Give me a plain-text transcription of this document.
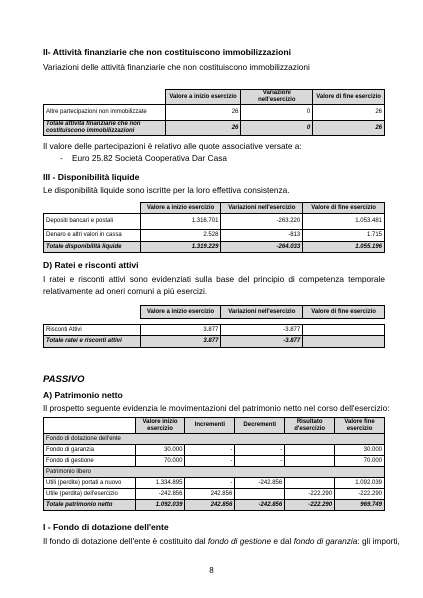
II- Attività finanziarie che non costituiscono immobilizzazioni
Variazioni delle attività finanziarie che non costituiscono immobilizzazioni
	Valore a inizio esercizio	Variazioni nell'esercizio	Valore di fine esercizio
Altre partecipazioni non immobilizzate	26	0	26
Totale attività finanziarie che non costituiscono immobilizzazioni	26	0	26
Il valore delle partecipazioni è relativo alle quote associative versate a:
- Euro 25.82 Società Cooperativa Dar Casa
III - Disponibilità liquide
Le disponibilità liquide sono iscritte per la loro effettiva consistenza.
	Valore a inizio esercizio	Variazioni nell'esercizio	Valore di fine esercizio
Depositi bancari e postali	1.316.701	-263.220	1.053.481
Denaro e altri valori in cassa	2.528	-813	1.715
Totale disponibilità liquide	1.319.229	-264.033	1.055.196
D) Ratei e risconti attivi
I ratei e risconti attivi sono evidenziati sulla base del principio di competenza temporale relativamente ad oneri comuni a più esercizi.
	Valore a inizio esercizio	Variazioni nell'esercizio	Valore di fine esercizio

Risconti Attivi	3.877	-3.877	
Totale ratei e risconti attivi	3.877	-3.877	
PASSIVO
A) Patrimonio netto
Il prospetto seguente evidenzia le movimentazioni del patrimonio netto nel corso dell'esercizio:
	Valore inizio esercizio	Incrementi	Decrementi	Risultato d'esercizio	Valore fine esercizio
Fondo di dotazione dell'ente					
Fondo di garanzia	30.000	-	-		30.000
Fondo di gestione	70.000	-	-		70.000
Patrimonio libero					
Utili (perdite) portati a nuovo	1.334.895	-	-242.856		1.092.039
Utile (perdita) dell'esercizio	-242.856	242.856		-222.290	-222.290
Totale patrimonio netto	1.092.039	242.856	-242.856	-222.290	969.749
I - Fondo di dotazione dell'ente
Il fondo di dotazione dell'ente è costituito dal fondo di gestione e dal fondo di garanzia: gli importi,
8
